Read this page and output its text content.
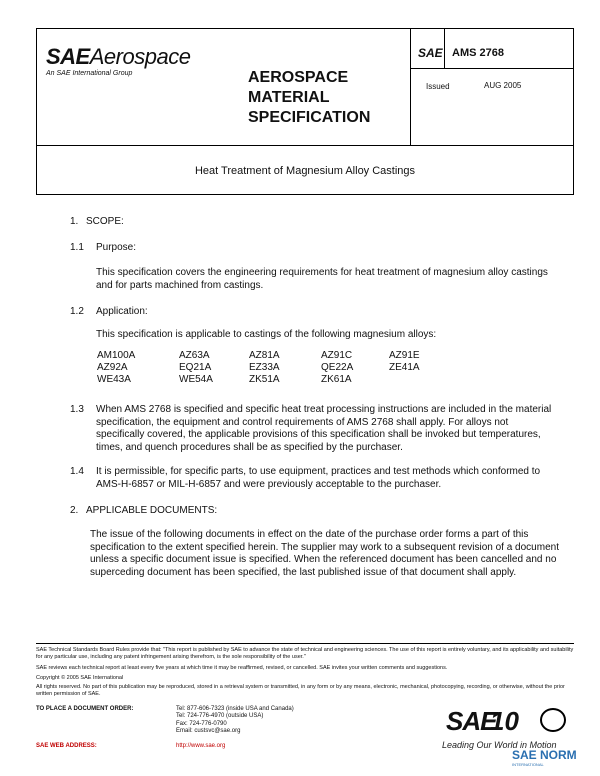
SAEAerospace
An SAE International Group	AEROSPACE
MATERIAL
SPECIFICATION
SAE AMS 2768
Issued	AUG 2005
Heat Treatment of Magnesium Alloy Castings
1. SCOPE:
1.1 Purpose:
This specification covers the engineering requirements for heat treatment of magnesium alloy castings and for parts machined from castings.
1.2 Application:
This specification is applicable to castings of the following magnesium alloys:
AM100A	AZ63A	AZ81A	AZ91C	AZ91E
AZ92A	EQ21A	EZ33A	QE22A	ZE41A
WE43A	WE54A	ZK51A	ZK61A
1.3 When AMS 2768 is specified and specific heat treat processing instructions are included in the material specification, the equipment and control requirements of AMS 2768 shall apply. For alloys not specifically covered, the applicable provisions of this specification shall be invoked but temperatures, times, and quench procedures shall be as specified by the purchaser.
1.4 It is permissible, for specific parts, to use equipment, practices and test methods which conformed to AMS-H-6857 or MIL-H-6857 and were previously acceptable to the purchaser.
2. APPLICABLE DOCUMENTS:
The issue of the following documents in effect on the date of the purchase order forms a part of this specification to the extent specified herein. The supplier may work to a subsequent revision of a document unless a specific document issue is specified. When the referenced document has been cancelled and no superceding document has been specified, the last published issue of that document shall apply.
SAE Technical Standards Board Rules provide that: "This report is published by SAE to advance the state of technical and engineering sciences. The use of this report is entirely voluntary, and its applicability and suitability for any particular use, including any patent infringement arising therefrom, is the sole responsibility of the user."
SAE reviews each technical report at least every five years at which time it may be reaffirmed, revised, or cancelled. SAE invites your written comments and suggestions.
Copyright © 2005 SAE International
All rights reserved. No part of this publication may be reproduced, stored in a retrieval system or transmitted, in any form or by any means, electronic, mechanical, photocopying, recording, or otherwise, without the prior written permission of SAE.
TO PLACE A DOCUMENT ORDER:	Tel: 877-606-7323 (inside USA and Canada)
Tel: 724-776-4970 (outside USA)
Fax: 724-776-0790
Email: custsvc@sae.org
SAE WEB ADDRESS:	http://www.sae.org
SAE
10
Leading Our World in Motion
SAE NORM
INTERNATIONAL
